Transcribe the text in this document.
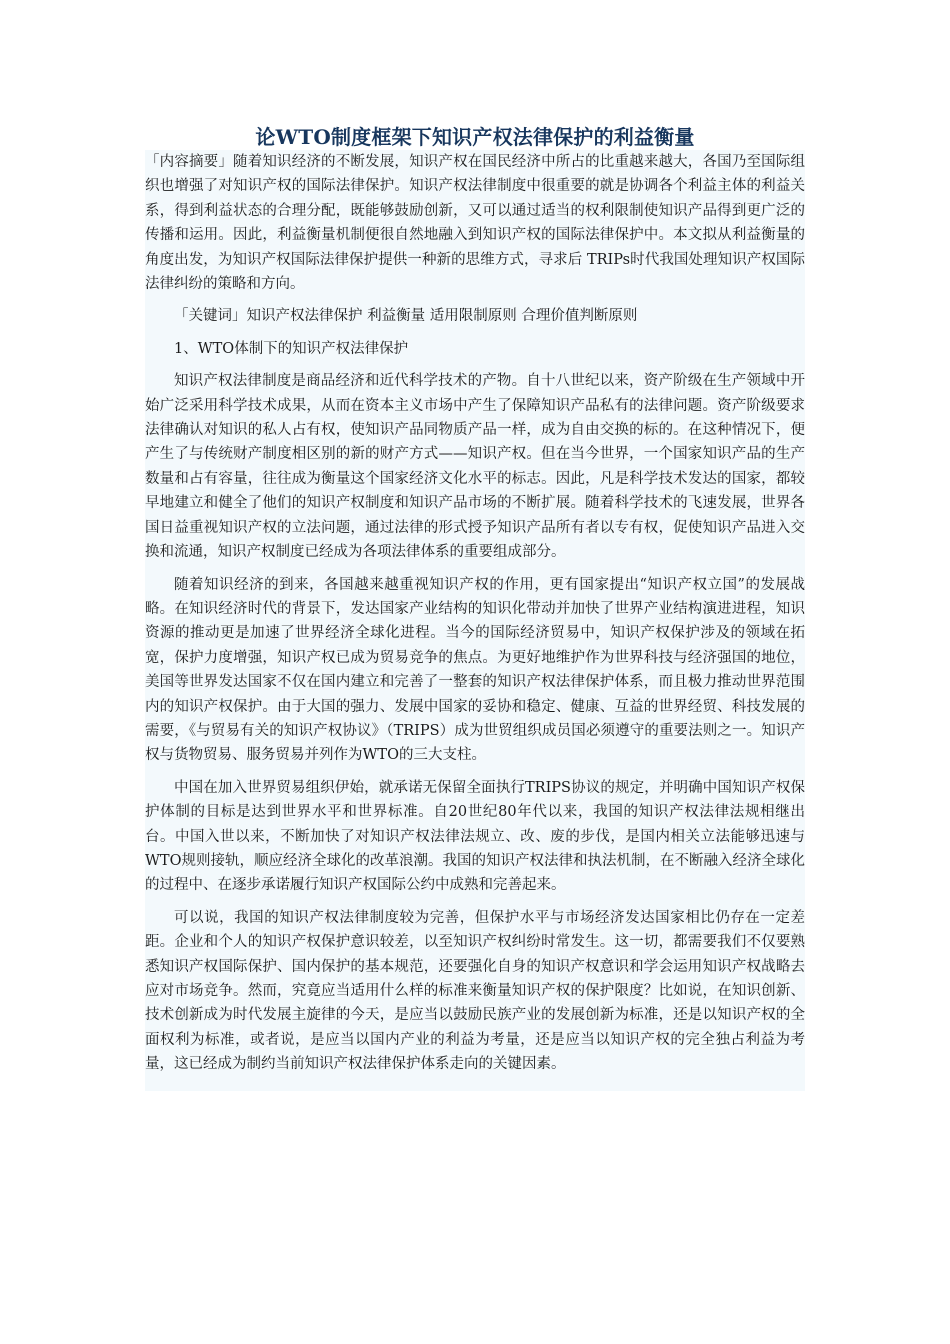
论WTO制度框架下知识产权法律保护的利益衡量

「内容摘要」随着知识经济的不断发展，知识产权在国民经济中所占的比重越来越大，各国乃至国际组织也增强了对知识产权的国际法律保护。知识产权法律制度中很重要的就是协调各个利益主体的利益关系，得到利益状态的合理分配，既能够鼓励创新，又可以通过适当的权利限制使知识产品得到更广泛的传播和运用。因此，利益衡量机制便很自然地融入到知识产权的国际法律保护中。本文拟从利益衡量的角度出发，为知识产权国际法律保护提供一种新的思维方式，寻求后 TRIPs时代我国处理知识产权国际法律纠纷的策略和方向。

「关键词」知识产权法律保护 利益衡量 适用限制原则 合理价值判断原则

1、WTO体制下的知识产权法律保护

知识产权法律制度是商品经济和近代科学技术的产物。自十八世纪以来，资产阶级在生产领域中开始广泛采用科学技术成果，从而在资本主义市场中产生了保障知识产品私有的法律问题。资产阶级要求法律确认对知识的私人占有权，使知识产品同物质产品一样，成为自由交换的标的。在这种情况下，便产生了与传统财产制度相区别的新的财产方式——知识产权。但在当今世界，一个国家知识产品的生产数量和占有容量，往往成为衡量这个国家经济文化水平的标志。因此，凡是科学技术发达的国家，都较早地建立和健全了他们的知识产权制度和知识产品市场的不断扩展。随着科学技术的飞速发展，世界各国日益重视知识产权的立法问题，通过法律的形式授予知识产品所有者以专有权，促使知识产品进入交换和流通，知识产权制度已经成为各项法律体系的重要组成部分。

随着知识经济的到来，各国越来越重视知识产权的作用，更有国家提出“知识产权立国”的发展战略。在知识经济时代的背景下，发达国家产业结构的知识化带动并加快了世界产业结构演进进程，知识资源的推动更是加速了世界经济全球化进程。当今的国际经济贸易中，知识产权保护涉及的领域在拓宽，保护力度增强，知识产权已成为贸易竞争的焦点。为更好地维护作为世界科技与经济强国的地位，美国等世界发达国家不仅在国内建立和完善了一整套的知识产权法律保护体系，而且极力推动世界范围内的知识产权保护。由于大国的强力、发展中国家的妥协和稳定、健康、互益的世界经贸、科技发展的需要，《与贸易有关的知识产权协议》（TRIPS）成为世贸组织成员国必须遵守的重要法则之一。知识产权与货物贸易、服务贸易并列作为WTO的三大支柱。

中国在加入世界贸易组织伊始，就承诺无保留全面执行TRIPS协议的规定，并明确中国知识产权保护体制的目标是达到世界水平和世界标准。自20世纪80年代以来，我国的知识产权法律法规相继出台。中国入世以来，不断加快了对知识产权法律法规立、改、废的步伐，是国内相关立法能够迅速与WTO规则接轨，顺应经济全球化的改革浪潮。我国的知识产权法律和执法机制，在不断融入经济全球化的过程中、在逐步承诺履行知识产权国际公约中成熟和完善起来。

可以说，我国的知识产权法律制度较为完善，但保护水平与市场经济发达国家相比仍存在一定差距。企业和个人的知识产权保护意识较差，以至知识产权纠纷时常发生。这一切，都需要我们不仅要熟悉知识产权国际保护、国内保护的基本规范，还要强化自身的知识产权意识和学会运用知识产权战略去应对市场竞争。然而，究竟应当适用什么样的标准来衡量知识产权的保护限度？比如说，在知识创新、技术创新成为时代发展主旋律的今天，是应当以鼓励民族产业的发展创新为标准，还是以知识产权的全面权利为标准，或者说，是应当以国内产业的利益为考量，还是应当以知识产权的完全独占利益为考量，这已经成为制约当前知识产权法律保护体系走向的关键因素。
